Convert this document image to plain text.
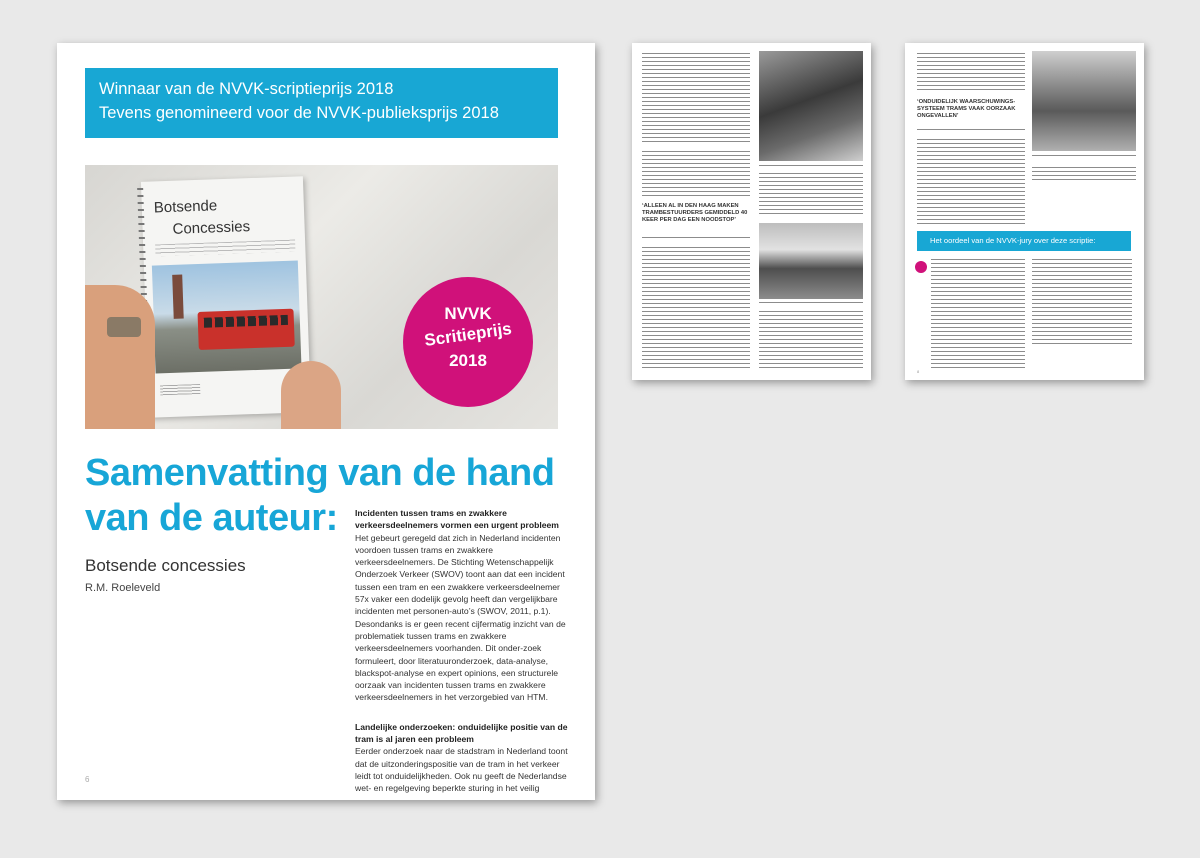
Winnaar van de NVVK-scriptieprijs 2018
Tevens genomineerd voor de NVVK-publieksprijs 2018
Botsende
Concessies
NVVK
Scritieprijs
2018
Samenvatting van de hand van de auteur:
Botsende concessies
R.M. Roeleveld
Incidenten tussen trams en zwakkere verkeersdeelnemers vormen een urgent probleem
Het gebeurt geregeld dat zich in Nederland incidenten voordoen tussen trams en zwakkere verkeersdeelnemers. De Stichting Wetenschappelijk Onderzoek Verkeer (SWOV) toont aan dat een incident tussen een tram en een zwakkere verkeersdeelnemer 57x vaker een dodelijk gevolg heeft dan vergelijkbare incidenten met personen-auto’s (SWOV, 2011, p.1). Desondanks is er geen recent cijfermatig inzicht van de problematiek tussen trams en zwakkere verkeersdeelnemers voorhanden. Dit onder-zoek formuleert, door literatuuronderzoek, data-analyse, blackspot-analyse en expert opinions, een structurele oorzaak van incidenten tussen trams en zwakkere verkeersdeelnemers in het verzorgebied van HTM.
Landelijke onderzoeken: onduidelijke positie van de tram is al jaren een probleem
Eerder onderzoek naar de stadstram in Nederland toont dat de uitzonderingspositie van de tram in het verkeer leidt tot onduidelijkheden. Ook nu geeft de Nederlandse wet- en regelgeving beperkte sturing in het veilig
6
‘ALLEEN AL IN DEN HAAG MAKEN TRAMBESTUURDERS GEMIDDELD 40 KEER PER DAG EEN NOODSTOP’
‘ONDUIDELIJK WAARSCHUWINGS-SYSTEEM TRAMS VAAK OORZAAK ONGEVALLEN’
Het oordeel van de NVVK-jury over deze scriptie:
8
